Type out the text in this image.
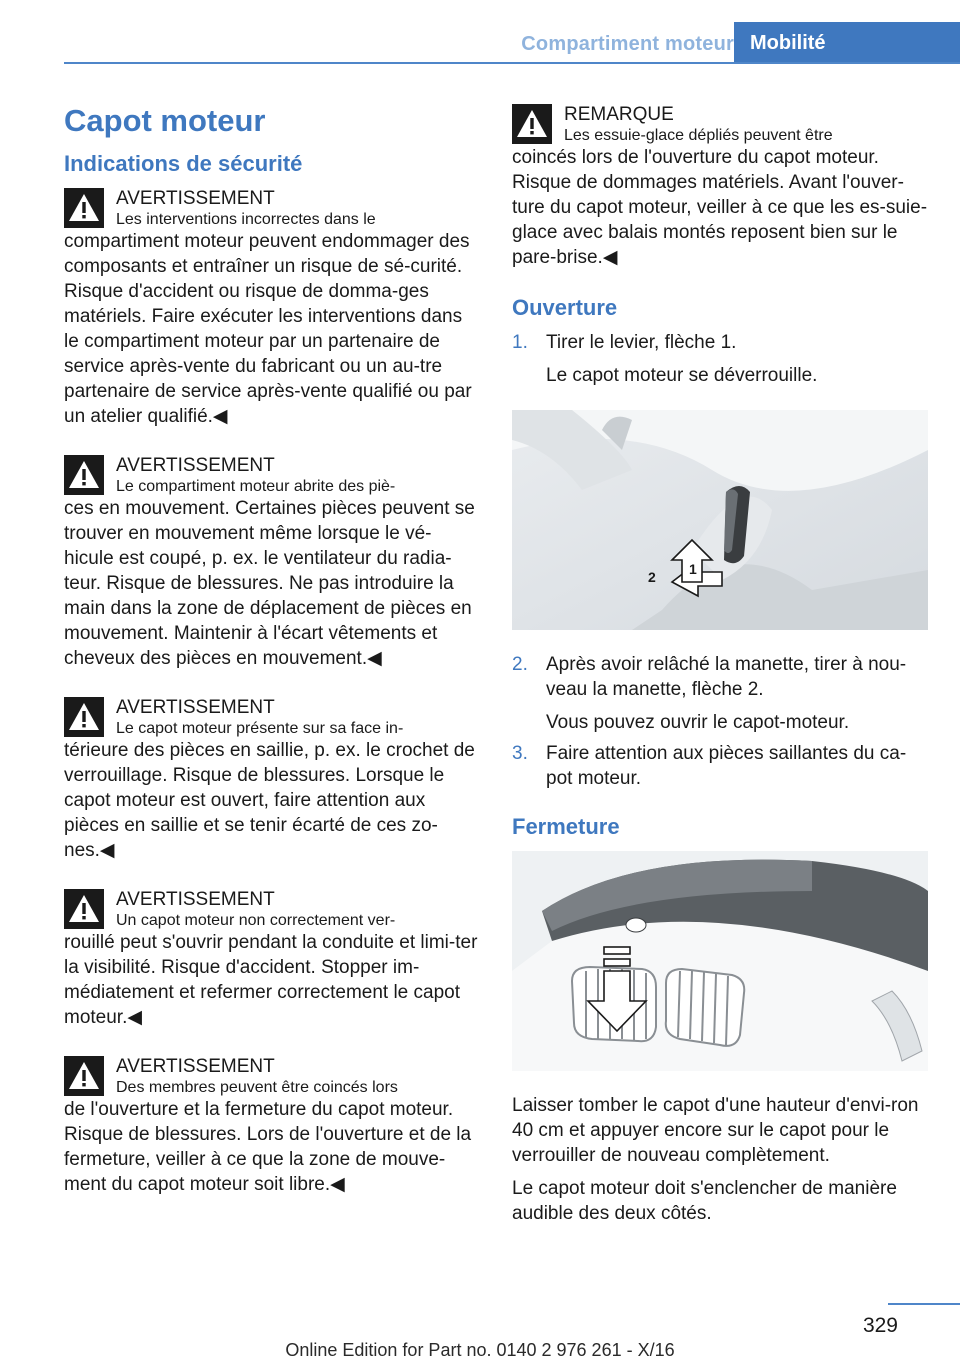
Compartiment moteur Mobilité
Capot moteur
Indications de sécurité
AVERTISSEMENT
Les interventions incorrectes dans le
compartiment moteur peuvent endommager des composants et entraîner un risque de sé‐curité. Risque d'accident ou risque de domma‐ges matériels. Faire exécuter les interventions dans le compartiment moteur par un partenaire de service après-vente du fabricant ou un au‐tre partenaire de service après-vente qualifié ou par un atelier qualifié.◀
AVERTISSEMENT
Le compartiment moteur abrite des piè‐
ces en mouvement. Certaines pièces peuvent se trouver en mouvement même lorsque le vé‐hicule est coupé, p. ex. le ventilateur du radia‐teur. Risque de blessures. Ne pas introduire la main dans la zone de déplacement de pièces en mouvement. Maintenir à l'écart vêtements et cheveux des pièces en mouvement.◀
AVERTISSEMENT
Le capot moteur présente sur sa face in‐
térieure des pièces en saillie, p. ex. le crochet de verrouillage. Risque de blessures. Lorsque le capot moteur est ouvert, faire attention aux pièces en saillie et se tenir écarté de ces zo‐nes.◀
AVERTISSEMENT
Un capot moteur non correctement ver‐
rouillé peut s'ouvrir pendant la conduite et limi‐ter la visibilité. Risque d'accident. Stopper im‐médiatement et refermer correctement le capot moteur.◀
AVERTISSEMENT
Des membres peuvent être coincés lors
de l'ouverture et la fermeture du capot moteur. Risque de blessures. Lors de l'ouverture et de la fermeture, veiller à ce que la zone de mouve‐ment du capot moteur soit libre.◀
REMARQUE
Les essuie-glace dépliés peuvent être
coincés lors de l'ouverture du capot moteur. Risque de dommages matériels. Avant l'ouver‐ture du capot moteur, veiller à ce que les es‐suie-glace avec balais montés reposent bien sur le pare-brise.◀
Ouverture
1. Tirer le levier, flèche 1.
Le capot moteur se déverrouille.
1
2
2. Après avoir relâché la manette, tirer à nou‐veau la manette, flèche 2.
Vous pouvez ouvrir le capot-moteur.
3. Faire attention aux pièces saillantes du ca‐pot moteur.
Fermeture
Laisser tomber le capot d'une hauteur d'envi‐ron 40 cm et appuyer encore sur le capot pour le verrouiller de nouveau complètement.
Le capot moteur doit s'enclencher de manière audible des deux côtés.
329
Online Edition for Part no. 0140 2 976 261 - X/16
